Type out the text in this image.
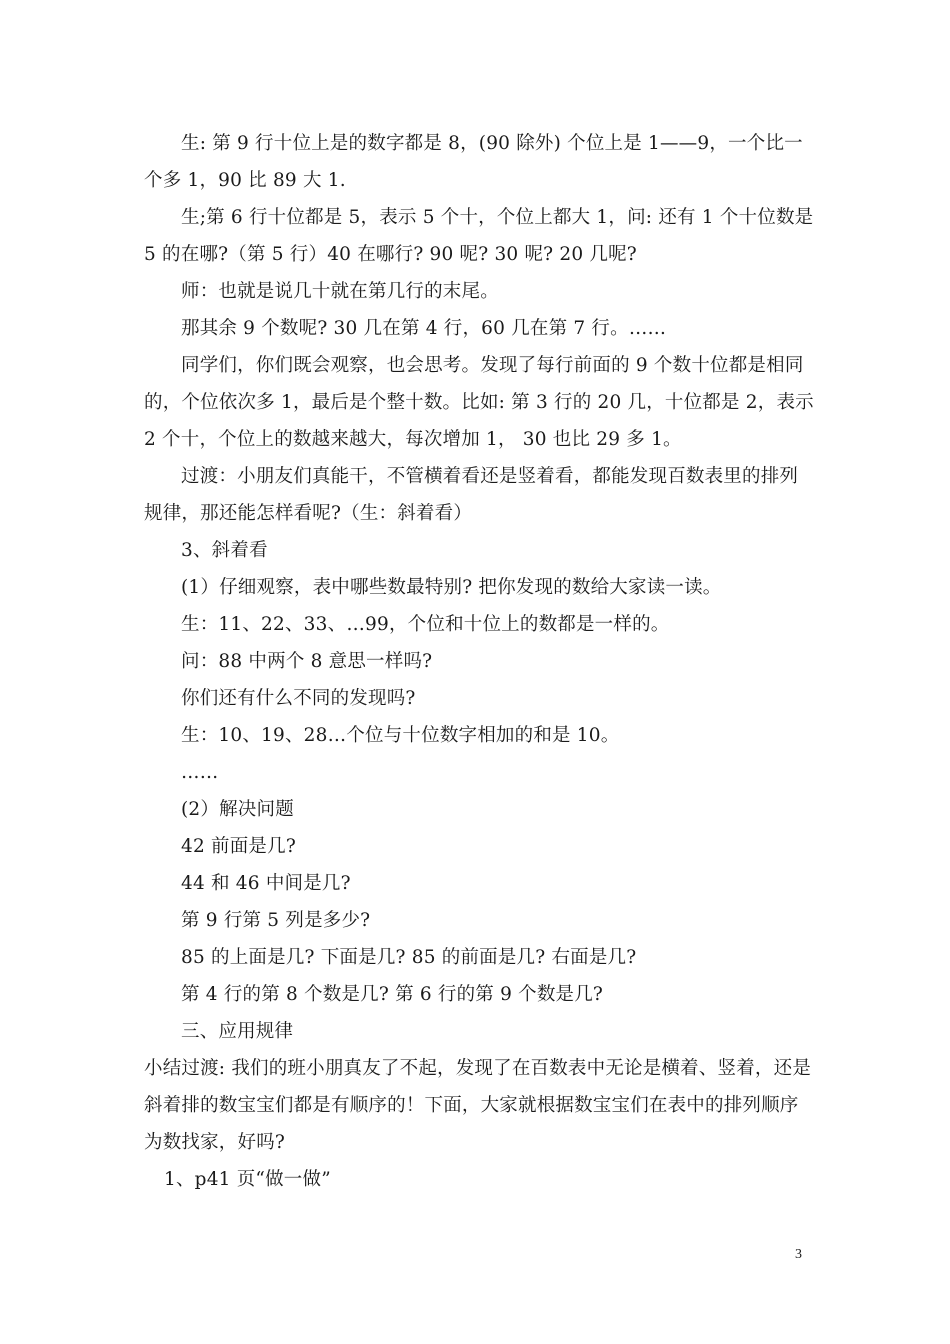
生: 第 9 行十位上是的数字都是 8，(90 除外) 个位上是 1——9，一个比一个多 1，90 比 89 大 1.

生;第 6 行十位都是 5，表示 5 个十，个位上都大 1，问: 还有 1 个十位数是 5 的在哪?（第 5 行）40 在哪行? 90 呢? 30 呢? 20 几呢?

师：也就是说几十就在第几行的末尾。

那其余 9 个数呢? 30 几在第 4 行，60 几在第 7 行。……

同学们，你们既会观察，也会思考。发现了每行前面的 9 个数十位都是相同的，个位依次多 1，最后是个整十数。比如: 第 3 行的 20 几，十位都是 2，表示 2 个十，个位上的数越来越大，每次增加 1， 30 也比 29 多 1。

过渡：小朋友们真能干，不管横着看还是竖着看，都能发现百数表里的排列规律，那还能怎样看呢?（生：斜着看）

3、斜着看

(1）仔细观察，表中哪些数最特别? 把你发现的数给大家读一读。

生：11、22、33、…99，个位和十位上的数都是一样的。

问：88 中两个 8 意思一样吗?

你们还有什么不同的发现吗?

生：10、19、28…个位与十位数字相加的和是 10。

……

(2）解决问题

42 前面是几?

44 和 46 中间是几?

第 9 行第 5 列是多少?

85 的上面是几? 下面是几? 85 的前面是几? 右面是几?

第 4 行的第 8 个数是几? 第 6 行的第 9 个数是几?

三、应用规律

小结过渡: 我们的班小朋真友了不起，发现了在百数表中无论是横着、竖着，还是斜着排的数宝宝们都是有顺序的！下面，大家就根据数宝宝们在表中的排列顺序为数找家，好吗?

1、p41 页“做一做”

3
